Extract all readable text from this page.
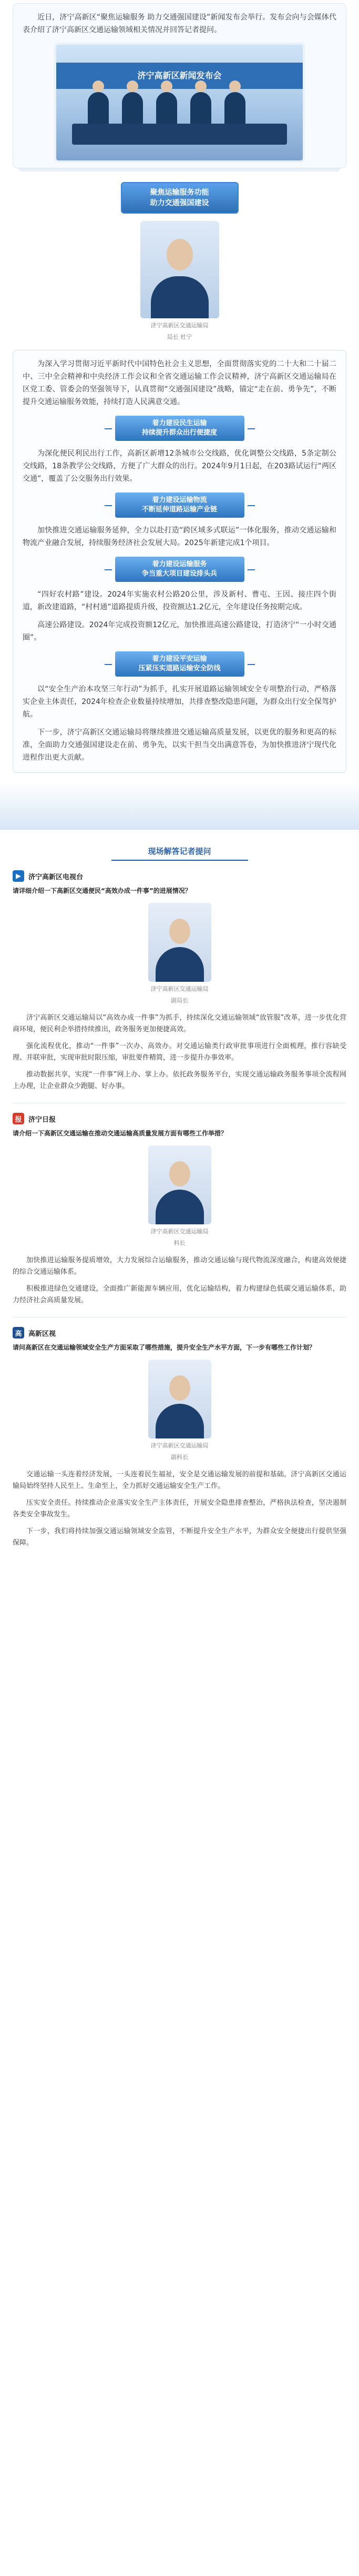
近日，济宁高新区“聚焦运输服务 助力交通强国建设”新闻发布会举行。发布会向与会媒体代表介绍了济宁高新区交通运输领域相关情况并回答记者提问。

济宁高新区新闻发布会
聚焦运输服务功能
助力交通强国建设
济宁高新区交通运输局
局长 杜宁

为深入学习贯彻习近平新时代中国特色社会主义思想，全面贯彻落实党的二十大和二十届二中、三中全会精神和中央经济工作会议和全省交通运输工作会议精神，济宁高新区交通运输局在区党工委、管委会的坚强领导下，认真贯彻“交通强国建设”战略，锚定“走在前、勇争先”，不断提升交通运输服务效能，持续打造人民满意交通。

着力建设民生运输
持续提升群众出行便捷度

为深化便民利民出行工作，高新区新增12条城市公交线路，优化调整公交线路，5条定制公交线路，18条教学公交线路，方便了广大群众的出行。2024年9月1日起，在203路试运行“两区交通”，覆盖了公交服务出行效果。

着力建设运输物流
不断延伸道路运输产业链

加快推进交通运输服务延伸，全力以赴打造“跨区域多式联运”一体化服务，推动交通运输和物流产业融合发展，持续服务经济社会发展大局。2025年新建完成1个项目。

着力建设运输服务
争当重大项目建设排头兵

“四好农村路”建设。2024年实施农村公路20公里，涉及新村、曹屯、王因、接庄四个街道，新改建道路，“村村通”道路提质升级，投资额达1.2亿元，全年建设任务按期完成。

高速公路建设。2024年完成投资额12亿元，加快推进高速公路建设，打造济宁“一小时交通圈”。

着力建设平安运输
压紧压实道路运输安全防线

以“安全生产治本攻坚三年行动”为抓手，扎实开展道路运输领域安全专项整治行动，严格落实企业主体责任，2024年检查企业数量持续增加，共排查整改隐患问题，为群众出行安全保驾护航。

下一步，济宁高新区交通运输局将继续推进交通运输高质量发展，以更优的服务和更高的标准，全面助力交通强国建设走在前、勇争先，以实干担当交出满意答卷，为加快推进济宁现代化进程作出更大贡献。

现场解答记者提问
▶	济宁高新区电视台
请详细介绍一下高新区交通便民“高效办成一件事”的进展情况？
济宁高新区交通运输局
副局长

济宁高新区交通运输局以“高效办成一件事”为抓手，持续深化交通运输领域“放管服”改革，进一步优化营商环境，便民利企举措持续推出，政务服务更加便捷高效。

强化流程优化，推动“一件事”一次办、高效办。对交通运输类行政审批事项进行全面梳理，推行容缺受理、并联审批，实现审批时限压缩，审批要件精简，进一步提升办事效率。

推动数据共享，实现“一件事”网上办、掌上办。依托政务服务平台，实现交通运输政务服务事项全流程网上办理，让企业群众少跑腿、好办事。

报 济宁日报
请介绍一下高新区交通运输在推动交通运输高质量发展方面有哪些工作举措？
济宁高新区交通运输局
科长

加快推进运输服务提质增效，大力发展综合运输服务，推动交通运输与现代物流深度融合，构建高效便捷的综合交通运输体系。

积极推进绿色交通建设，全面推广新能源车辆应用，优化运输结构，着力构建绿色低碳交通运输体系，助力经济社会高质量发展。

高 高新区视
请问高新区在交通运输领域安全生产方面采取了哪些措施，提升安全生产水平方面，下一步有哪些工作计划？
济宁高新区交通运输局
副科长

交通运输一头连着经济发展，一头连着民生福祉，安全是交通运输发展的前提和基础。济宁高新区交通运输局始终坚持人民至上、生命至上，全力抓好交通运输安全生产工作。

压实安全责任。持续推动企业落实安全生产主体责任，开展安全隐患排查整治，严格执法检查，坚决遏制各类安全事故发生。

下一步，我们将持续加强交通运输领域安全监管，不断提升安全生产水平，为群众安全便捷出行提供坚强保障。
